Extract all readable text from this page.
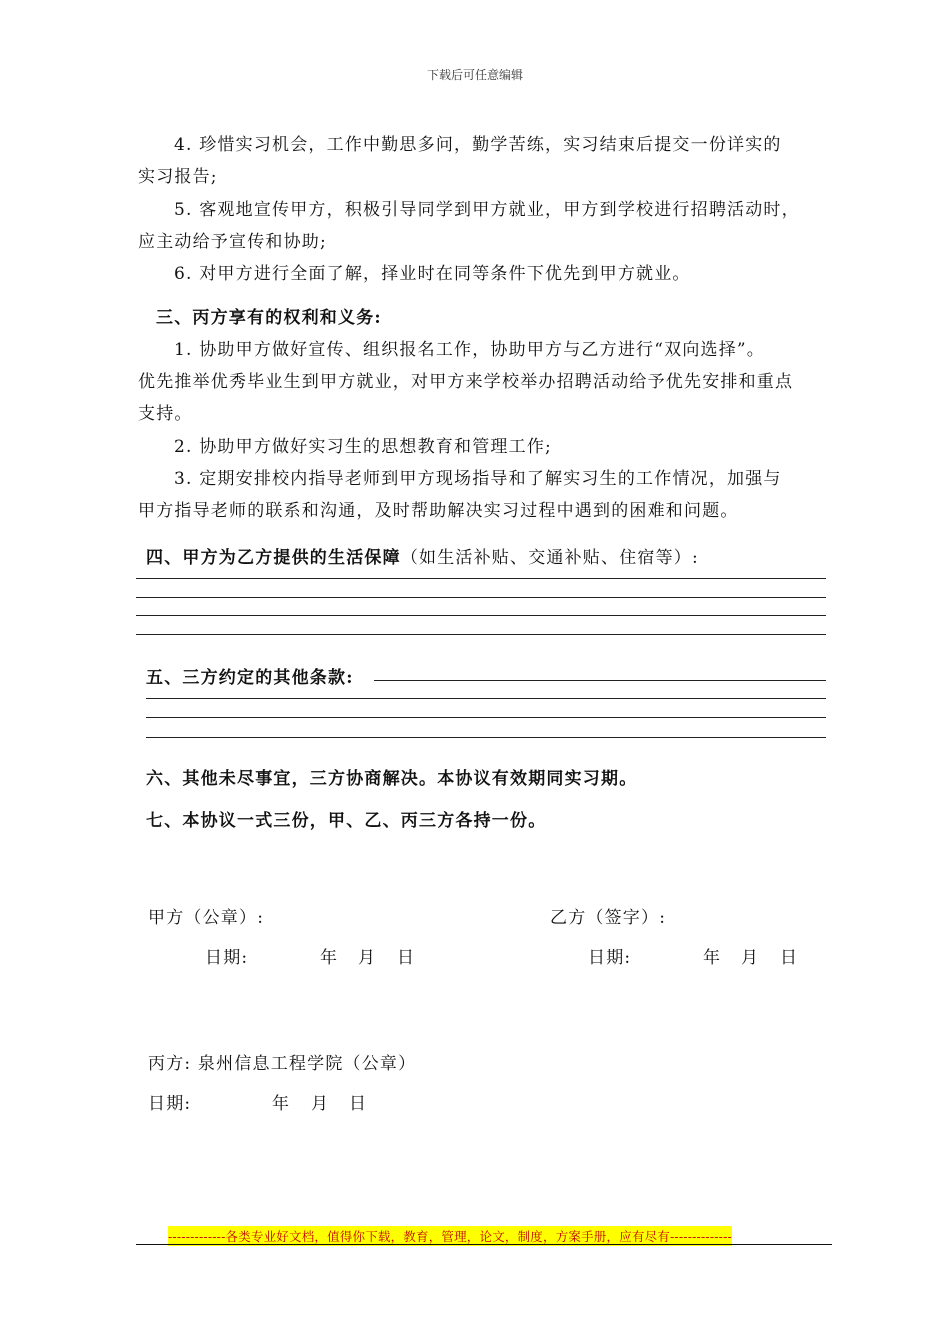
下载后可任意编辑
4. 珍惜实习机会，工作中勤思多问，勤学苦练，实习结束后提交一份详实的
实习报告;
5. 客观地宣传甲方，积极引导同学到甲方就业，甲方到学校进行招聘活动时，
应主动给予宣传和协助;
6. 对甲方进行全面了解，择业时在同等条件下优先到甲方就业。
三、丙方享有的权利和义务:
1. 协助甲方做好宣传、组织报名工作，协助甲方与乙方进行“双向选择”。
优先推举优秀毕业生到甲方就业，对甲方来学校举办招聘活动给予优先安排和重点
支持。
2. 协助甲方做好实习生的思想教育和管理工作;
3. 定期安排校内指导老师到甲方现场指导和了解实习生的工作情况，加强与
甲方指导老师的联系和沟通，及时帮助解决实习过程中遇到的困难和问题。
四、甲方为乙方提供的生活保障（如生活补贴、交通补贴、住宿等）:
五、三方约定的其他条款:
六、其他未尽事宜，三方协商解决。本协议有效期同实习期。
七、本协议一式三份，甲、乙、丙三方各持一份。
甲方（公章）:	乙方（签字）:
日期:	年 月 日	日期:	年 月 日
丙方: 泉州信息工程学院（公章）
日期:	年 月 日
-------------各类专业好文档，值得你下载，教育，管理，论文，制度，方案手册，应有尽有--------------
